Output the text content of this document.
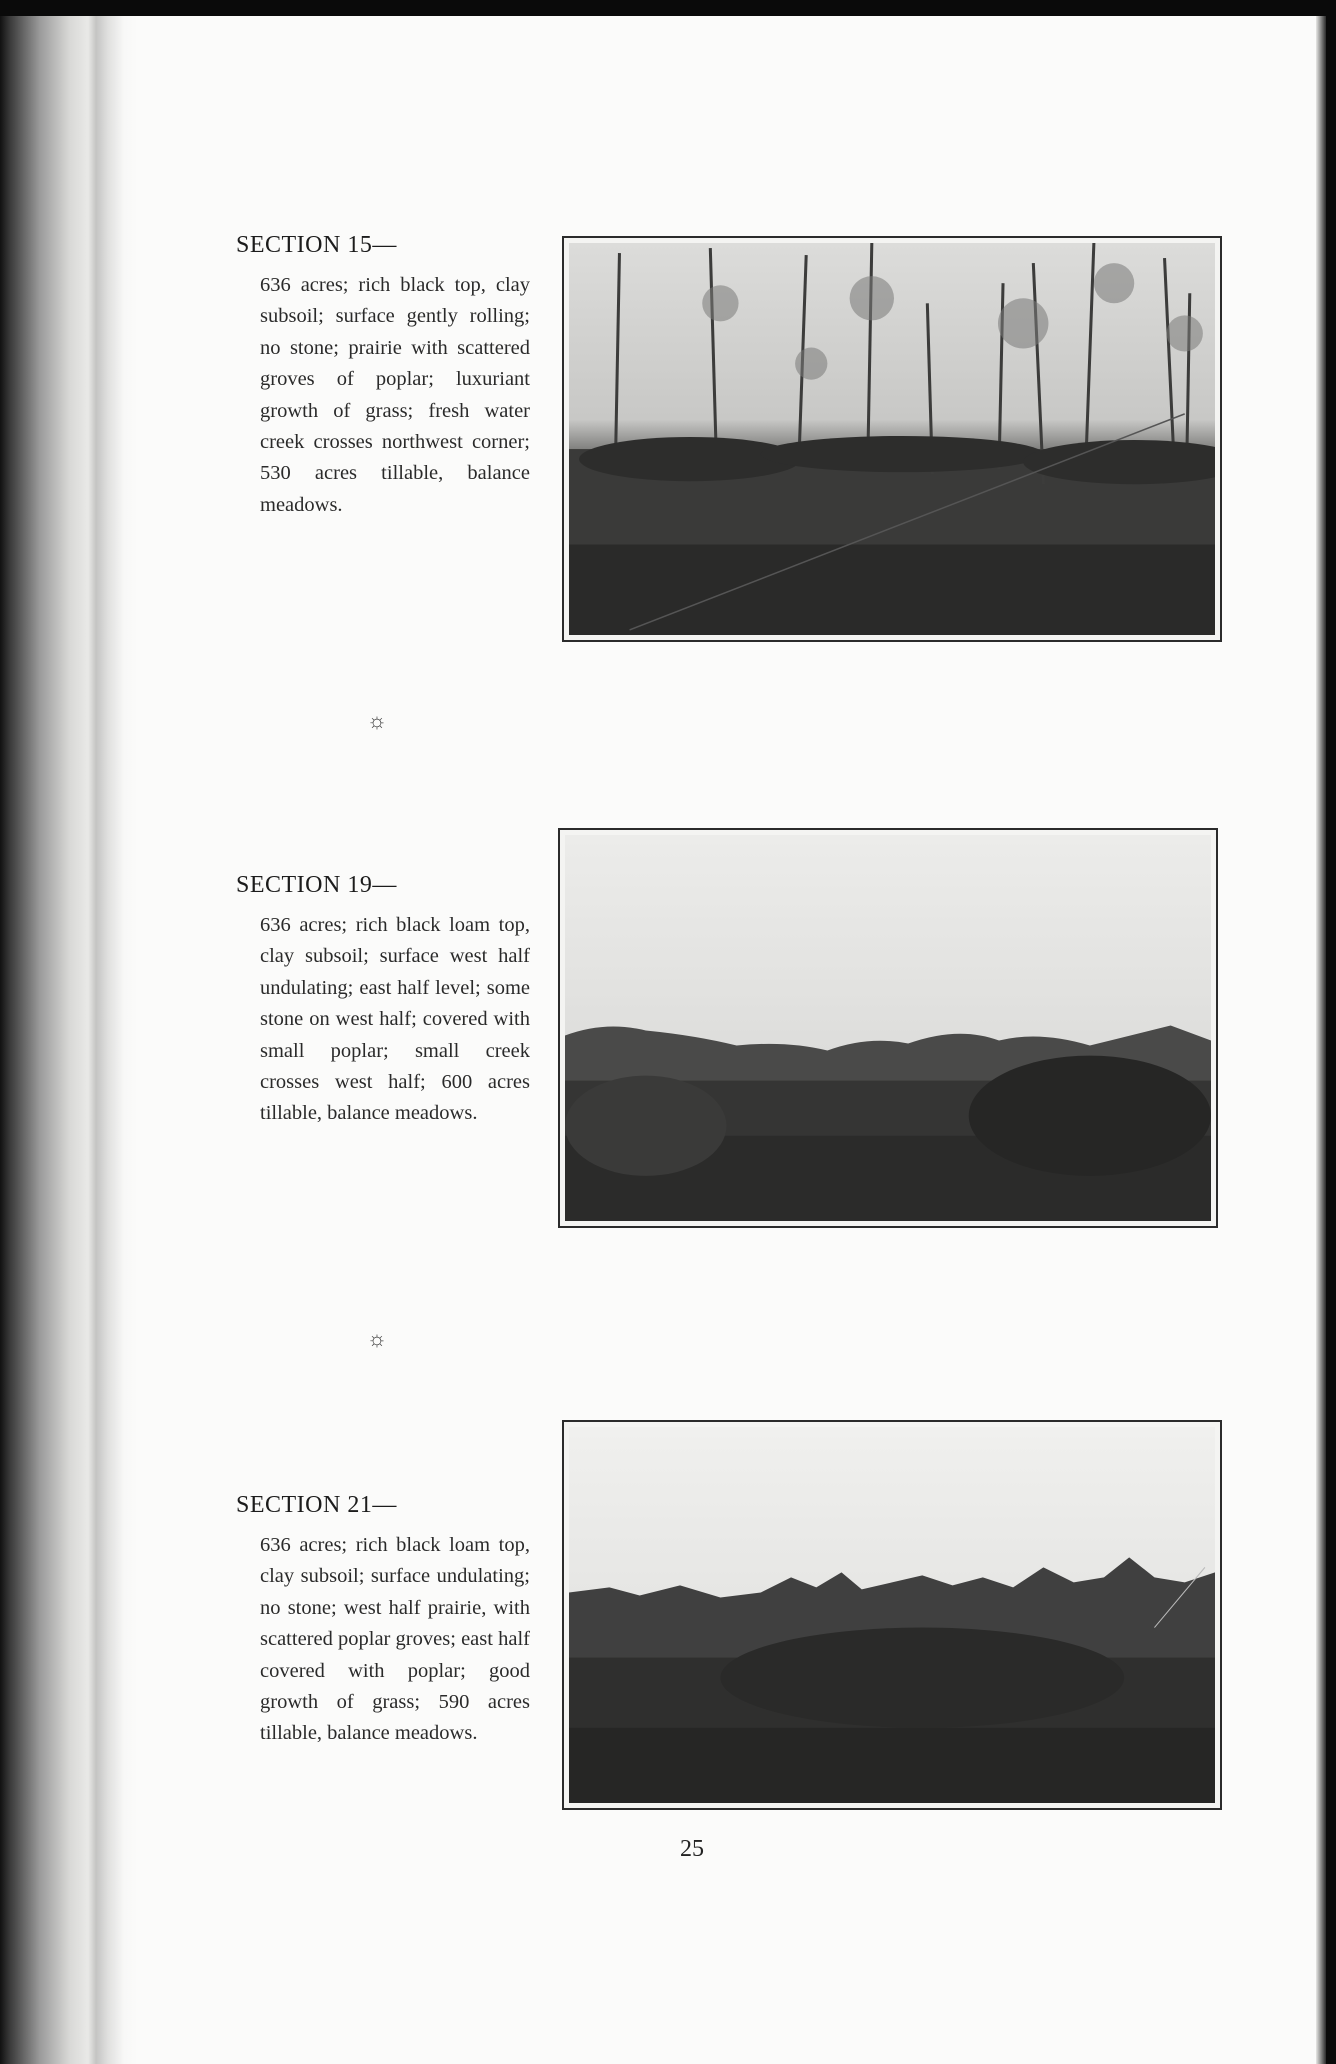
SECTION 15—

636 acres; rich black top, clay subsoil; surface gently rolling; no stone; prairie with scattered groves of poplar; luxuriant growth of grass; fresh water creek crosses northwest corner; 530 acres tillable, balance meadows.

☼
SECTION 19—

636 acres; rich black loam top, clay subsoil; surface west half undulating; east half level; some stone on west half; covered with small poplar; small creek crosses west half; 600 acres tillable, balance meadows.

☼
SECTION 21—

636 acres; rich black loam top, clay subsoil; surface undulating; no stone; west half prairie, with scattered poplar groves; east half covered with poplar; good growth of grass; 590 acres tillable, balance meadows.

25
